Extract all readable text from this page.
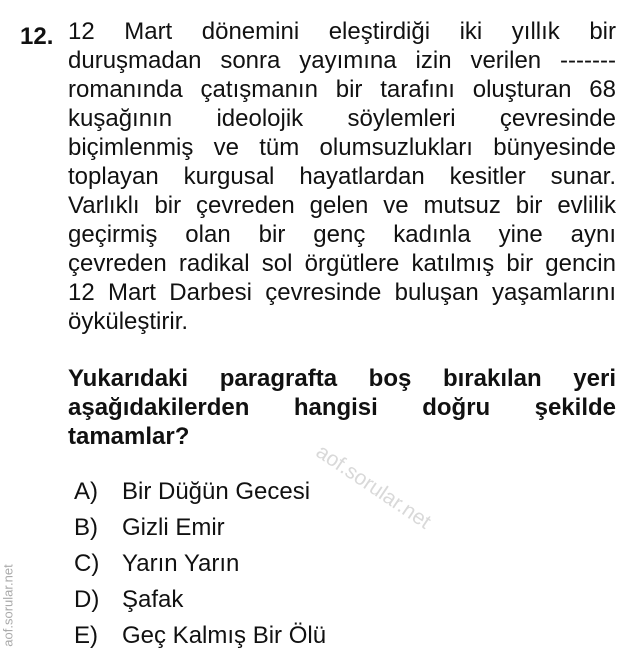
12. 12 Mart dönemini eleştirdiği iki yıllık bir
duruşmadan sonra yayımına izin verilen -------
romanında çatışmanın bir tarafını oluşturan 68
kuşağının ideolojik söylemleri çevresinde
biçimlenmiş ve tüm olumsuzlukları bünyesinde
toplayan kurgusal hayatlardan kesitler sunar.
Varlıklı bir çevreden gelen ve mutsuz bir evlilik
geçirmiş olan bir genç kadınla yine aynı
çevreden radikal sol örgütlere katılmış bir gencin
12 Mart Darbesi çevresinde buluşan yaşamlarını
öyküleştirir.
Yukarıdaki paragrafta boş bırakılan yeri
aşağıdakilerden hangisi doğru şekilde
tamamlar?
aof.sorular.net
A)	Bir Düğün Gecesi
B)	Gizli Emir
C) Yarın Yarın
D) Şafak
E)	Geç Kalmış Bir Ölü
aof.sorular.net
